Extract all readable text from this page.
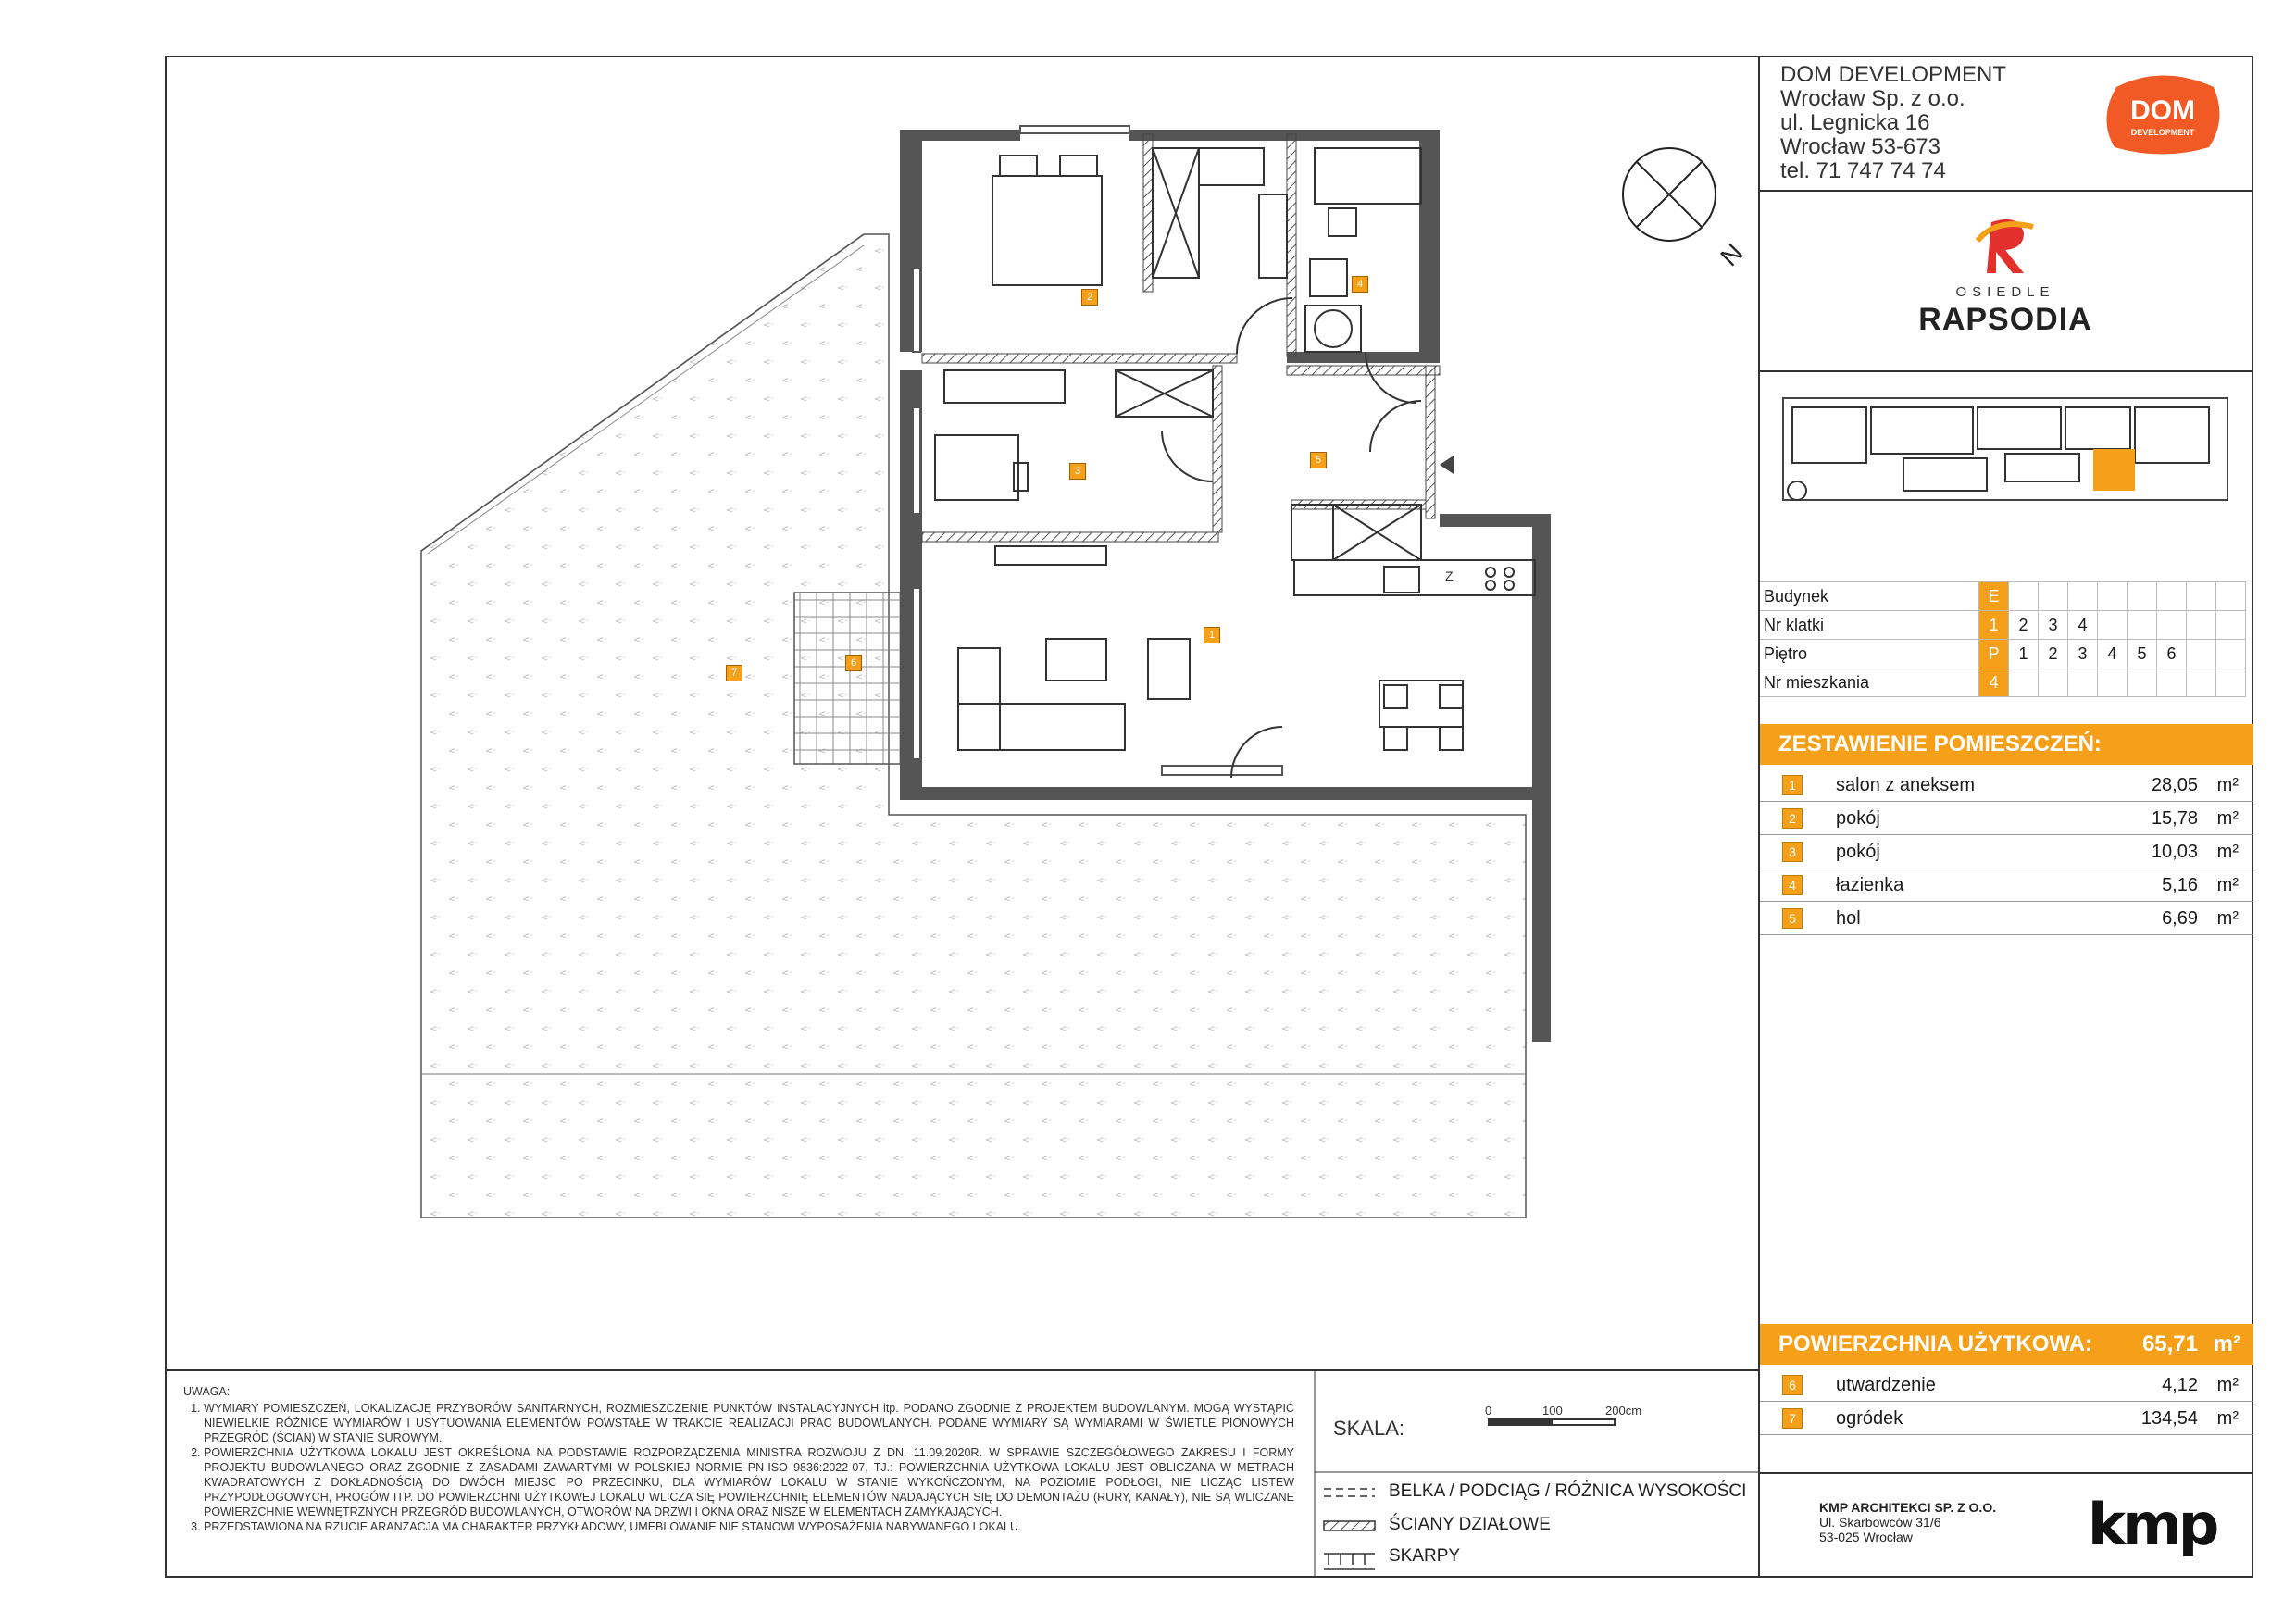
N
Z
2
4
3
5
1
6
7
UWAGA:
1. WYMIARY POMIESZCZEŃ, LOKALIZACJĘ PRZYBORÓW SANITARNYCH, ROZMIESZCZENIE PUNKTÓW INSTALACYJNYCH itp. PODANO ZGODNIE Z PROJEKTEM BUDOWLANYM. MOGĄ WYSTĄPIĆ NIEWIELKIE RÓŻNICE WYMIARÓW I USYTUOWANIA ELEMENTÓW POWSTAŁE W TRAKCIE REALIZACJI PRAC BUDOWLANYCH. PODANE WYMIARY SĄ WYMIARAMI W ŚWIETLE PIONOWYCH PRZEGRÓD (ŚCIAN) W STANIE SUROWYM.
2. POWIERZCHNIA UŻYTKOWA LOKALU JEST OKREŚLONA NA PODSTAWIE ROZPORZĄDZENIA MINISTRA ROZWOJU Z DN. 11.09.2020R. W SPRAWIE SZCZEGÓŁOWEGO ZAKRESU I FORMY PROJEKTU BUDOWLANEGO ORAZ ZGODNIE Z ZASADAMI ZAWARTYMI W POLSKIEJ NORMIE PN-ISO 9836:2022-07, TJ.: POWIERZCHNIA UŻYTKOWA LOKALU JEST OBLICZANA W METRACH KWADRATOWYCH Z DOKŁADNOŚCIĄ DO DWÓCH MIEJSC PO PRZECINKU, DLA WYMIARÓW LOKALU W STANIE WYKOŃCZONYM, NA POZIOMIE PODŁOGI, NIE LICZĄC LISTEW PRZYPODŁOGOWYCH, PROGÓW ITP. DO POWIERZCHNI UŻYTKOWEJ LOKALU WLICZA SIĘ POWIERZCHNIĘ ELEMENTÓW NADAJĄCYCH SIĘ DO DEMONTAŻU (RURY, KANAŁY), NIE SĄ WLICZANE POWIERZCHNIE WEWNĘTRZNYCH PRZEGRÓD BUDOWLANYCH, OTWORÓW NA DRZWI I OKNA ORAZ NISZE W ELEMENTACH ZAMYKAJĄCYCH.
3. PRZEDSTAWIONA NA RZUCIE ARANŻACJA MA CHARAKTER PRZYKŁADOWY, UMEBLOWANIE NIE STANOWI WYPOSAŻENIA NABYWANEGO LOKALU.
SKALA:
0	100	200cm
BELKA / PODCIĄG / RÓŻNICA WYSOKOŚCI
ŚCIANY DZIAŁOWE
SKARPY
DOM DEVELOPMENT
Wrocław Sp. z o.o.
ul. Legnicka 16
Wrocław 53-673
tel. 71 747 74 74
DOM
DEVELOPMENT
OSIEDLE
RAPSODIA
Budynek	E								
Nr klatki	1	2	3	4					
Piętro	P	1	2	3	4	5	6		
Nr mieszkania	4								
ZESTAWIENIE POMIESZCZEŃ:
1	salon z aneksem	28,05 m²
2	pokój	15,78 m²
3	pokój	10,03 m²
4	łazienka	5,16 m²
5	hol	6,69 m²
POWIERZCHNIA UŻYTKOWA: 65,71 m²
6	utwardzenie	4,12 m²
7	ogródek	134,54 m²
KMP ARCHITEKCI SP. Z O.O.
Ul. Skarbowców 31/6
53-025 Wrocław	kmp
